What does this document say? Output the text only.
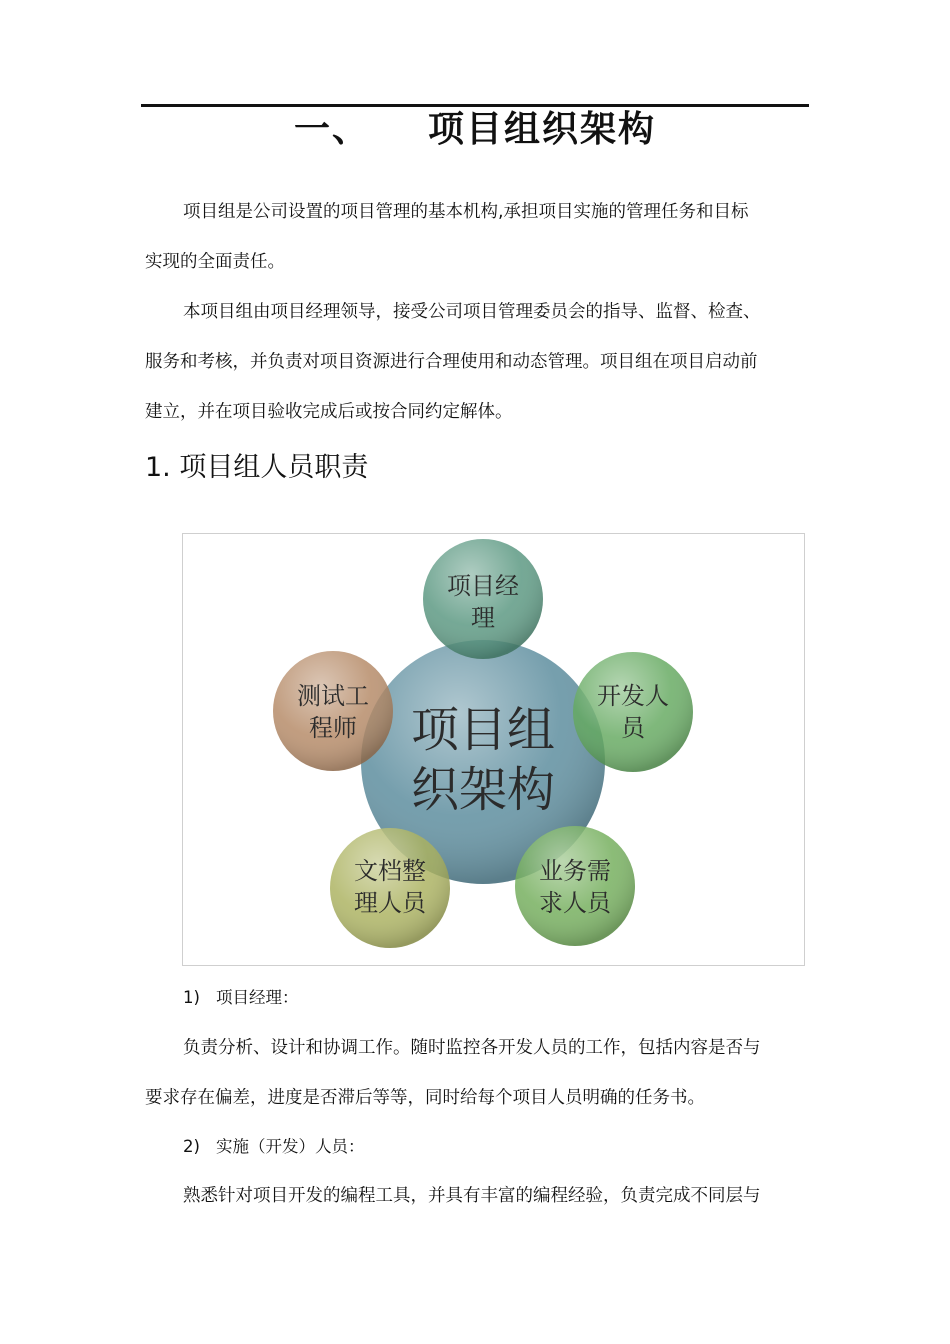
一、 项目组织架构
项目组是公司设置的项目管理的基本机构,承担项目实施的管理任务和目标
实现的全面责任。
本项目组由项目经理领导，接受公司项目管理委员会的指导、监督、检查、
服务和考核，并负责对项目资源进行合理使用和动态管理。项目组在项目启动前
建立，并在项目验收完成后或按合同约定解体。
1. 项目组人员职责
项目组
织架构
项目经
理
开发人
员
业务需
求人员
文档整
理人员
测试工
程师
1) 项目经理：
负责分析、设计和协调工作。随时监控各开发人员的工作，包括内容是否与
要求存在偏差，进度是否滞后等等，同时给每个项目人员明确的任务书。
2) 实施（开发）人员：
熟悉针对项目开发的编程工具，并具有丰富的编程经验，负责完成不同层与
